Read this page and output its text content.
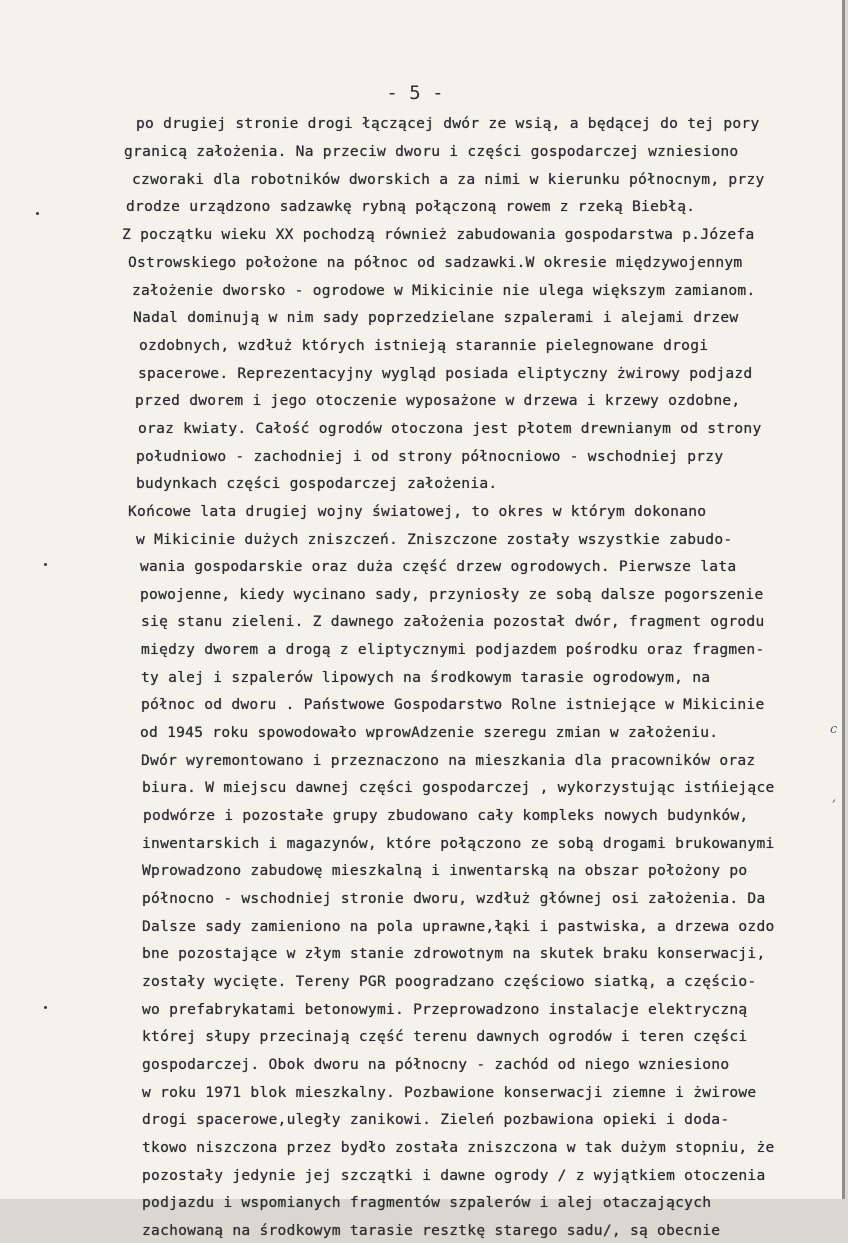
- 5 -
po drugiej stronie drogi łączącej dwór ze wsią, a będącej do tej pory
granicą założenia. Na przeciw dworu i części gospodarczej wzniesiono
czworaki dla robotników dworskich a za nimi w kierunku północnym, przy
drodze urządzono sadzawkę rybną połączoną rowem z rzeką Biebłą.
Z początku wieku XX pochodzą również zabudowania gospodarstwa p.Józefa
Ostrowskiego położone na północ od sadzawki.W okresie międzywojennym
założenie dworsko - ogrodowe w Mikicinie nie ulega większym zamianom.
Nadal dominują w nim sady poprzedzielane szpalerami i alejami drzew
ozdobnych, wzdłuż których istnieją starannie pielegnowane drogi
spacerowe. Reprezentacyjny wygląd posiada eliptyczny żwirowy podjazd
przed dworem i jego otoczenie wyposażone w drzewa i krzewy ozdobne,
oraz kwiaty. Całość ogrodów otoczona jest płotem drewnianym od strony
południowo - zachodniej i od strony północniowo - wschodniej przy
budynkach części gospodarczej założenia.
Końcowe lata drugiej wojny światowej, to okres w którym dokonano
w Mikicinie dużych zniszczeń. Zniszczone zostały wszystkie zabudo-
wania gospodarskie oraz duża część drzew ogrodowych. Pierwsze lata
powojenne, kiedy wycinano sady, przyniosły ze sobą dalsze pogorszenie
się stanu zieleni. Z dawnego założenia pozostał dwór, fragment ogrodu
między dworem a drogą z eliptycznymi podjazdem pośrodku oraz fragmen-
ty alej i szpalerów lipowych na środkowym tarasie ogrodowym, na
północ od dworu . Państwowe Gospodarstwo Rolne istniejące w Mikicinie
od 1945 roku spowodowało wprowAdzenie szeregu zmian w założeniu.
Dwór wyremontowano i przeznaczono na mieszkania dla pracowników oraz
biura. W miejscu dawnej części gospodarczej , wykorzystując istńiejące
podwórze i pozostałe grupy zbudowano cały kompleks nowych budynków,
inwentarskich i magazynów, które połączono ze sobą drogami brukowanymi
Wprowadzono zabudowę mieszkalną i inwentarską na obszar położony po
północno - wschodniej stronie dworu, wzdłuż głównej osi założenia. Da
Dalsze sady zamieniono na pola uprawne,łąki i pastwiska, a drzewa ozdo
bne pozostające w złym stanie zdrowotnym na skutek braku konserwacji,
zostały wycięte. Tereny PGR poogradzano częściowo siatką, a częścio-
wo prefabrykatami betonowymi. Przeprowadzono instalacje elektryczną
której słupy przecinają część terenu dawnych ogrodów i teren części
gospodarczej. Obok dworu na północny - zachód od niego wzniesiono
w roku 1971 blok mieszkalny. Pozbawione konserwacji ziemne i żwirowe
drogi spacerowe,uległy zanikowi. Zieleń pozbawiona opieki i doda-
tkowo niszczona przez bydło została zniszczona w tak dużym stopniu, że
pozostały jedynie jej szczątki i dawne ogrody / z wyjątkiem otoczenia
podjazdu i wspomianych fragmentów szpalerów i alej otaczających
zachowaną na środkowym tarasie resztkę starego sadu/, są obecnie
c
,
